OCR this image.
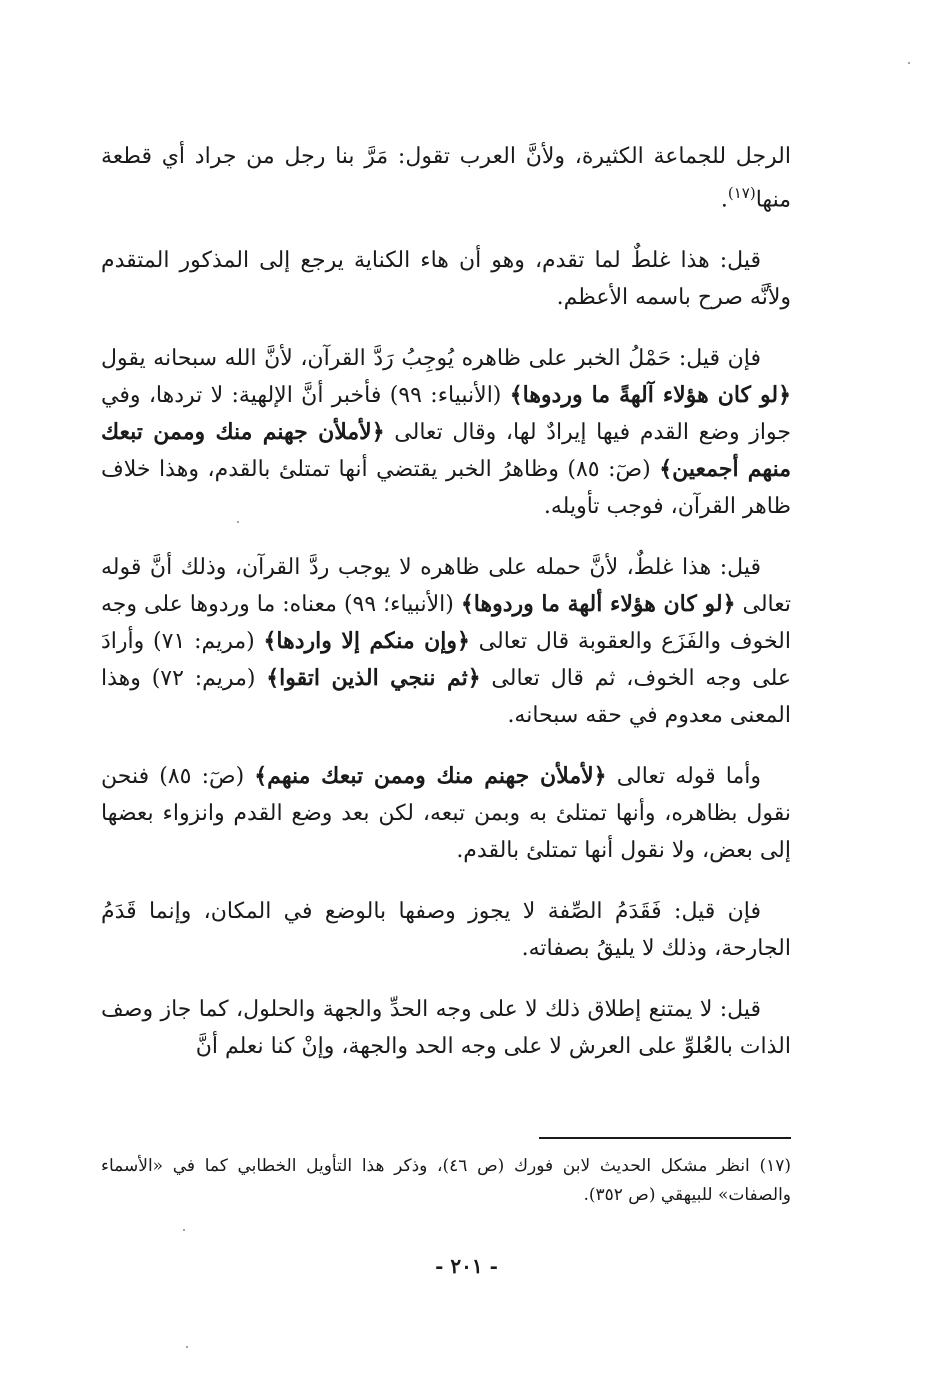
الرجل للجماعة الكثيرة، ولأنَّ العرب تقول: مَرَّ بنا رجل من جراد أي قطعة منها$^{(١٧)}$.

قيل: هذا غلطٌ لما تقدم، وهو أن هاء الكناية يرجع إلى المذكور المتقدم ولأنَّه صرح باسمه الأعظم.

فإن قيل: حَمْلُ الخبر على ظاهره يُوجِبُ رَدَّ القرآن، لأنَّ الله سبحانه يقول ﴿لو كان هؤلاء آلهةً ما وردوها﴾ (الأنبياء: ٩٩) فأخبر أنَّ الإلهية: لا تردها، وفي جواز وضع القدم فيها إيرادٌ لها، وقال تعالى ﴿لأملأن جهنم منك وممن تبعك منهم أجمعين﴾ (صٓ: ٨٥) وظاهرُ الخبر يقتضي أنها تمتلئ بالقدم، وهذا خلاف ظاهر القرآن، فوجب تأويله.

قيل: هذا غلطٌ، لأنَّ حمله على ظاهره لا يوجب ردَّ القرآن، وذلك أنَّ قوله تعالى ﴿لو كان هؤلاء ألهة ما وردوها﴾ (الأنبياء؛ ٩٩) معناه: ما وردوها على وجه الخوف والفَزَع والعقوبة قال تعالى ﴿وإن منكم إلا واردها﴾ (مريم: ٧١) وأرادَ على وجه الخوف، ثم قال تعالى ﴿ثم ننجي الذين اتقوا﴾ (مريم: ٧٢) وهذا المعنى معدوم في حقه سبحانه.

وأما قوله تعالى ﴿لأملأن جهنم منك وممن تبعك منهم﴾ (صٓ: ٨٥) فنحن نقول بظاهره، وأنها تمتلئ به وبمن تبعه، لكن بعد وضع القدم وانزواء بعضها إلى بعض، ولا نقول أنها تمتلئ بالقدم.

فإن قيل: فَقَدَمُ الصِّفة لا يجوز وصفها بالوضع في المكان، وإنما قَدَمُ الجارحة، وذلك لا يليقُ بصفاته.

قيل: لا يمتنع إطلاق ذلك لا على وجه الحدِّ والجهة والحلول، كما جاز وصف الذات بالعُلوِّ على العرش لا على وجه الحد والجهة، وإنْ كنا نعلم أنَّ

(١٧) انظر مشكل الحديث لابن فورك (ص ٤٦)، وذكر هذا التأويل الخطابي كما في «الأسماء والصفات» للبيهقي (ص ٣٥٢).
- ٢٠١ -
